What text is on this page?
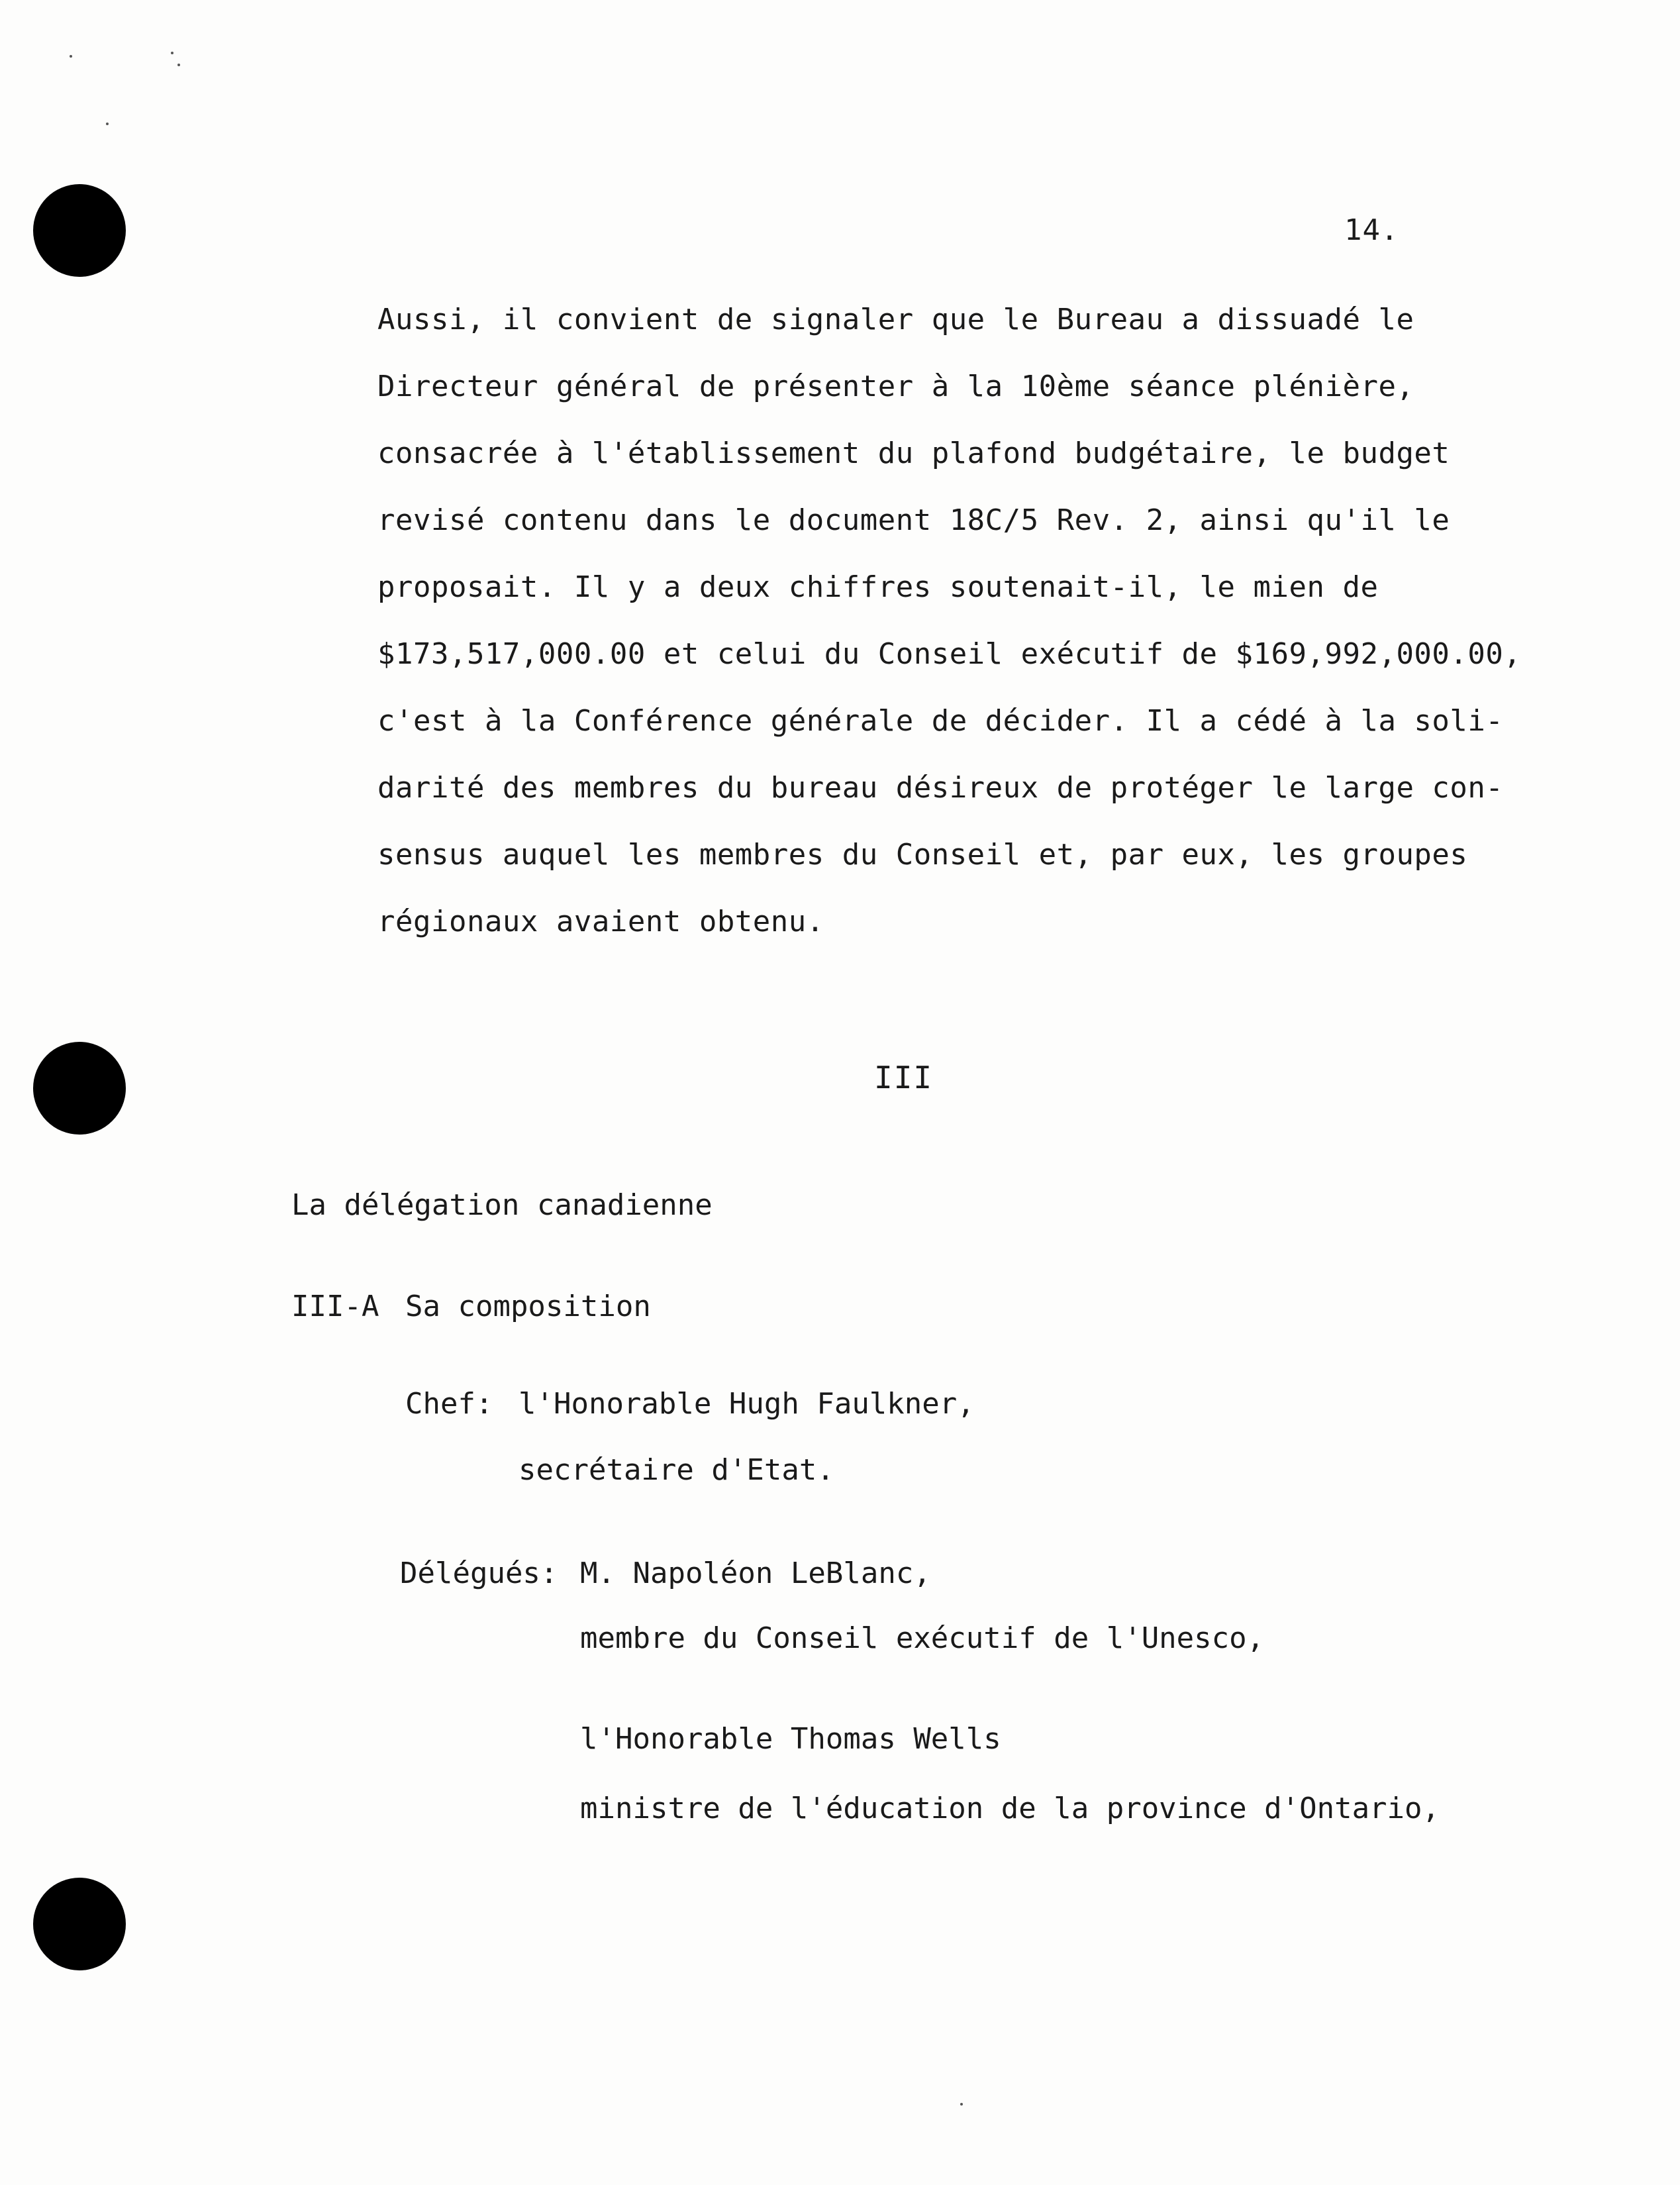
14.
Aussi, il convient de signaler que le Bureau a dissuadé le
Directeur général de présenter à la 10ème séance plénière,
consacrée à l'établissement du plafond budgétaire, le budget
revisé contenu dans le document 18C/5 Rev. 2, ainsi qu'il le
proposait. Il y a deux chiffres soutenait-il, le mien de
$173,517,000.00 et celui du Conseil exécutif de $169,992,000.00,
c'est à la Conférence générale de décider. Il a cédé à la soli-
darité des membres du bureau désireux de protéger le large con-
sensus auquel les membres du Conseil et, par eux, les groupes
régionaux avaient obtenu.
III
La délégation canadienne
III-A Sa composition
Chef: l'Honorable Hugh Faulkner,
secrétaire d'Etat.
Délégués: M. Napoléon LeBlanc,
membre du Conseil exécutif de l'Unesco,
l'Honorable Thomas Wells
ministre de l'éducation de la province d'Ontario,
